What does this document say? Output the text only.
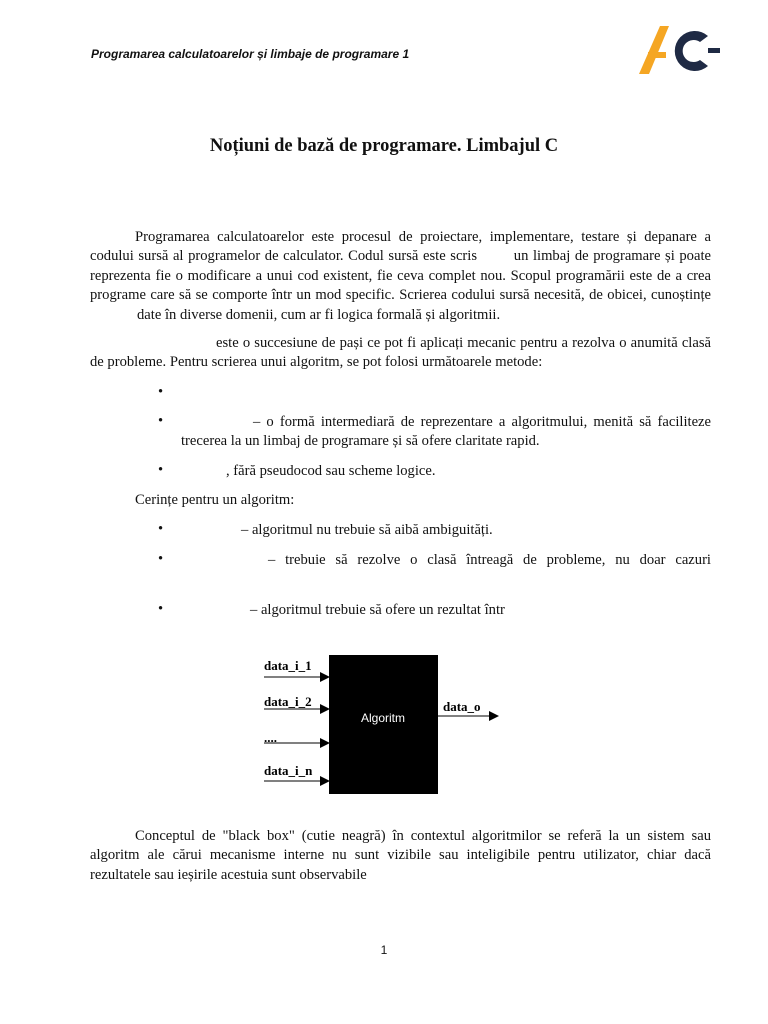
Programarea calculatoarelor și limbaje de programare 1
Noțiuni de bază de programare. Limbajul C
Programarea calculatoarelor este procesul de proiectare, implementare, testare și depanare a
codului sursă al programelor de calculator. Codul sursă este scris        un limbaj de programare și poate
reprezenta fie o modificare a unui cod existent, fie ceva complet nou. Scopul programării este de a crea
programe care să se comporte într un mod specific. Scrierea codului sursă necesită, de obicei, cunoștințe
date în diverse domenii, cum ar fi logica formală și algoritmii.
este o succesiune de pași ce pot fi aplicați mecanic pentru a rezolva o anumită clasă
de probleme. Pentru scrierea unui algoritm, se pot folosi următoarele metode:
•
•	– o formă intermediară de reprezentare a algoritmului, menită să faciliteze
trecerea la un limbaj de programare și să ofere claritate rapid.
•	, fără pseudocod sau scheme logice.
Cerințe pentru un algoritm:
•	– algoritmul nu trebuie să aibă ambiguități.
•	– trebuie să rezolve o clasă întreagă de probleme, nu doar cazuri
•	– algoritmul trebuie să ofere un rezultat într
Algoritm
data_i_1
data_i_2
....
data_i_n
data_o
Conceptul de "black box" (cutie neagră) în contextul algoritmilor se referă la un sistem sau
algoritm ale cărui mecanisme interne nu sunt vizibile sau inteligibile pentru utilizator, chiar dacă
rezultatele sau ieșirile acestuia sunt observabile
1
